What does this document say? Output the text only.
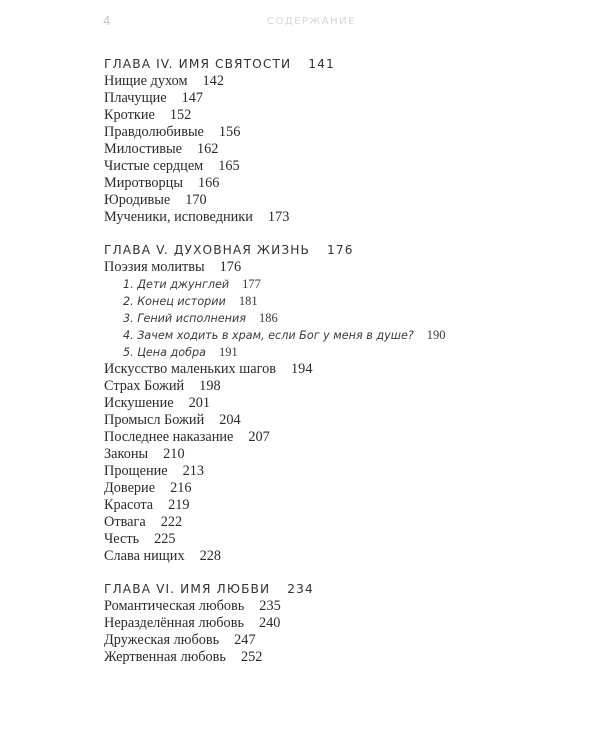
4	СОДЕРЖАНИЕ
ГЛАВА IV. ИМЯ СВЯТОСТИ 141
Нищие духом 142
Плачущие 147
Кроткие 152
Правдолюбивые 156
Милостивые 162
Чистые сердцем 165
Миротворцы 166
Юродивые 170
Мученики, исповедники 173
ГЛАВА V. ДУХОВНАЯ ЖИЗНЬ 176
Поэзия молитвы 176
1. Дети джунглей 177
2. Конец истории 181
3. Гений исполнения 186
4. Зачем ходить в храм, если Бог у меня в душе? 190
5. Цена добра 191
Искусство маленьких шагов 194
Страх Божий 198
Искушение 201
Промысл Божий 204
Последнее наказание 207
Законы 210
Прощение 213
Доверие 216
Красота 219
Отвага 222
Честь 225
Слава нищих 228
ГЛАВА VI. ИМЯ ЛЮБВИ 234
Романтическая любовь 235
Неразделённая любовь 240
Дружеская любовь 247
Жертвенная любовь 252
